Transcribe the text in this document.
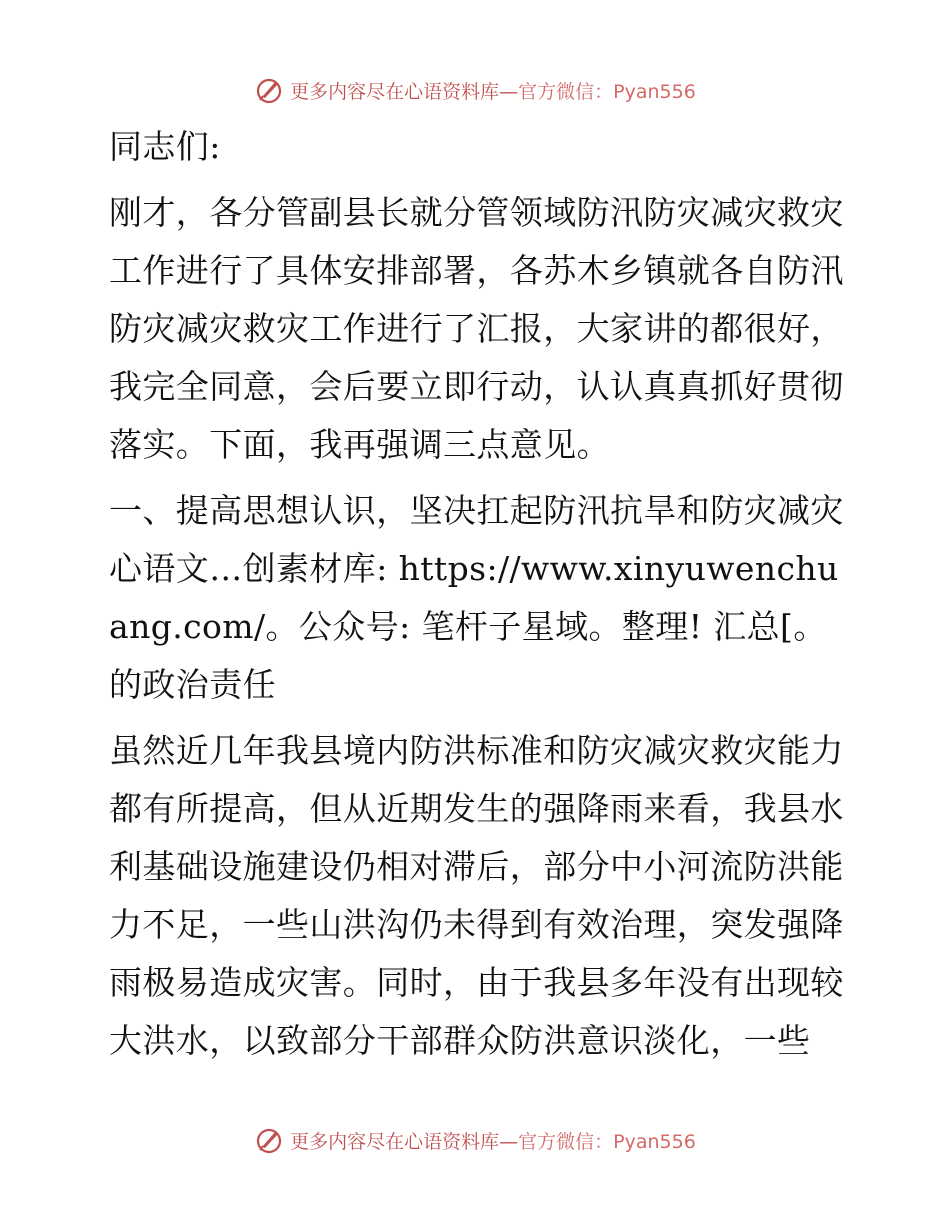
更多内容尽在心语资料库— 官方微信：Pyan556

同志们:

刚才，各分管副县长就分管领域防汛防灾减灾救灾工作进行了具体安排部署，各苏木乡镇就各自防汛防灾减灾救灾工作进行了汇报，大家讲的都很好，我完全同意，会后要立即行动，认认真真抓好贯彻落实。下面，我再强调三点意见。

一、提高思想认识，坚决扛起防汛抗旱和防灾减灾心语文…创素材库: https://www.xinyuwenchuang.com/。公众号: 笔杆子星域。整理! 汇总[。的政治责任

虽然近几年我县境内防洪标准和防灾减灾救灾能力都有所提高，但从近期发生的强降雨来看，我县水利基础设施建设仍相对滞后，部分中小河流防洪能力不足，一些山洪沟仍未得到有效治理，突发强降雨极易造成灾害。同时，由于我县多年没有出现较大洪水，以致部分干部群众防洪意识淡化，一些

更多内容尽在心语资料库— 官方微信：Pyan556
